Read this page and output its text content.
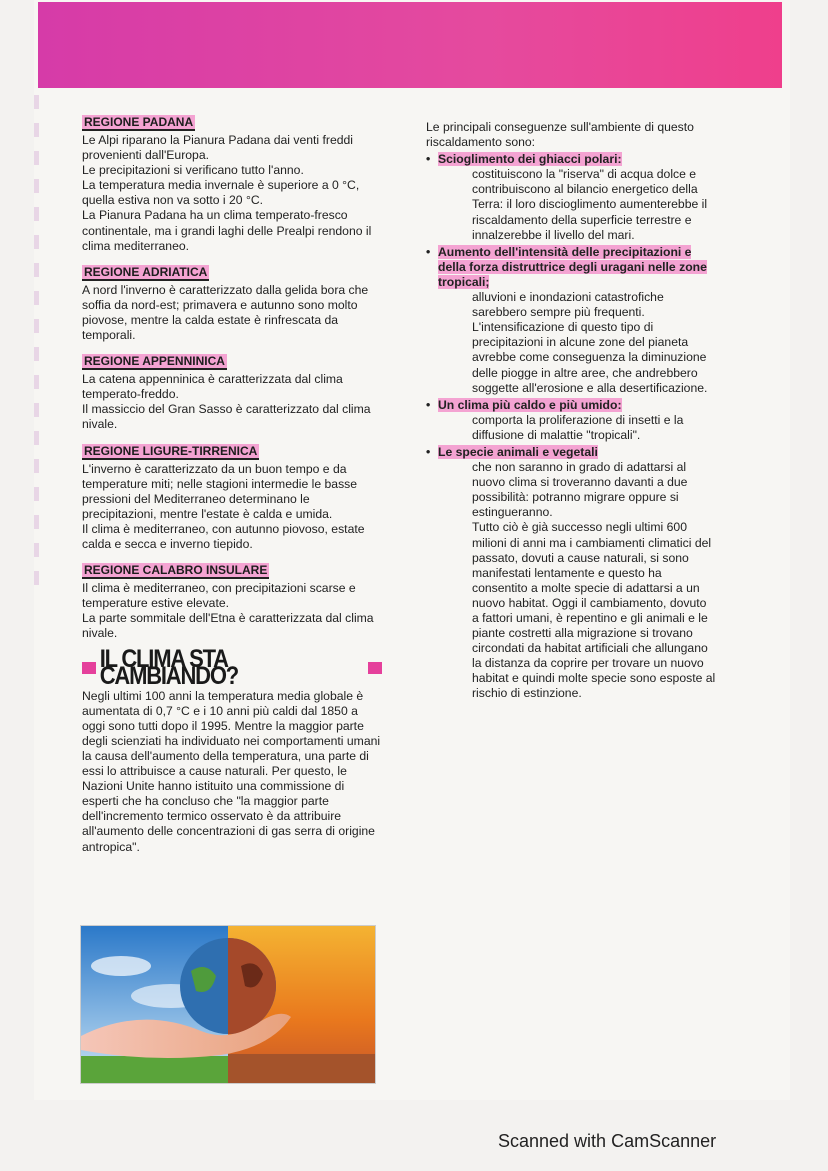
REGIONE PADANA

Le Alpi riparano la Pianura Padana dai venti freddi provenienti dall'Europa.

Le precipitazioni si verificano tutto l'anno.

La temperatura media invernale è superiore a 0 °C, quella estiva non va sotto i 20 °C.

La Pianura Padana ha un clima temperato-fresco continentale, ma i grandi laghi delle Prealpi rendono il clima mediterraneo.

REGIONE ADRIATICA

A nord l'inverno è caratterizzato dalla gelida bora che soffia da nord-est; primavera e autunno sono molto piovose, mentre la calda estate è rinfrescata da temporali.

REGIONE APPENNINICA

La catena appenninica è caratterizzata dal clima temperato-freddo.

Il massiccio del Gran Sasso è caratterizzato dal clima nivale.

REGIONE LIGURE-TIRRENICA

L'inverno è caratterizzato da un buon tempo e da temperature miti; nelle stagioni intermedie le basse pressioni del Mediterraneo determinano le precipitazioni, mentre l'estate è calda e umida.

Il clima è mediterraneo, con autunno piovoso, estate calda e secca e inverno tiepido.

REGIONE CALABRO INSULARE

Il clima è mediterraneo, con precipitazioni scarse e temperature estive elevate.

La parte sommitale dell'Etna è caratterizzata dal clima nivale.

IL CLIMA STA CAMBIANDO?

Negli ultimi 100 anni la temperatura media globale è aumentata di 0,7 °C e i 10 anni più caldi dal 1850 a oggi sono tutti dopo il 1995. Mentre la maggior parte degli scienziati ha individuato nei comportamenti umani la causa dell'aumento della temperatura, una parte di essi lo attribuisce a cause naturali. Per questo, le Nazioni Unite hanno istituito una commissione di esperti che ha concluso che "la maggior parte dell'incremento termico osservato è da attribuire all'aumento delle concentrazioni di gas serra di origine antropica".

Le principali conseguenze sull'ambiente di questo riscaldamento sono:

• Scioglimento dei ghiacci polari:

costituiscono la "riserva" di acqua dolce e contribuiscono al bilancio energetico della Terra: il loro discioglimento aumenterebbe il riscaldamento della superficie terrestre e innalzerebbe il livello del mari.

• Aumento dell'intensità delle precipitazioni e della forza distruttrice degli uragani nelle zone tropicali;

alluvioni e inondazioni catastrofiche sarebbero sempre più frequenti. L'intensificazione di questo tipo di precipitazioni in alcune zone del pianeta avrebbe come conseguenza la diminuzione delle piogge in altre aree, che andrebbero soggette all'erosione e alla desertificazione.

• Un clima più caldo e più umido:

comporta la proliferazione di insetti e la diffusione di malattie "tropicali".

• Le specie animali e vegetali

che non saranno in grado di adattarsi al nuovo clima si troveranno davanti a due possibilità: potranno migrare oppure si estingueranno.

Tutto ciò è già successo negli ultimi 600 milioni di anni ma i cambiamenti climatici del passato, dovuti a cause naturali, si sono manifestati lentamente e questo ha consentito a molte specie di adattarsi a un nuovo habitat. Oggi il cambiamento, dovuto a fattori umani, è repentino e gli animali e le piante costretti alla migrazione si trovano circondati da habitat artificiali che allungano la distanza da coprire per trovare un nuovo habitat e quindi molte specie sono esposte al rischio di estinzione.

Scanned with CamScanner
